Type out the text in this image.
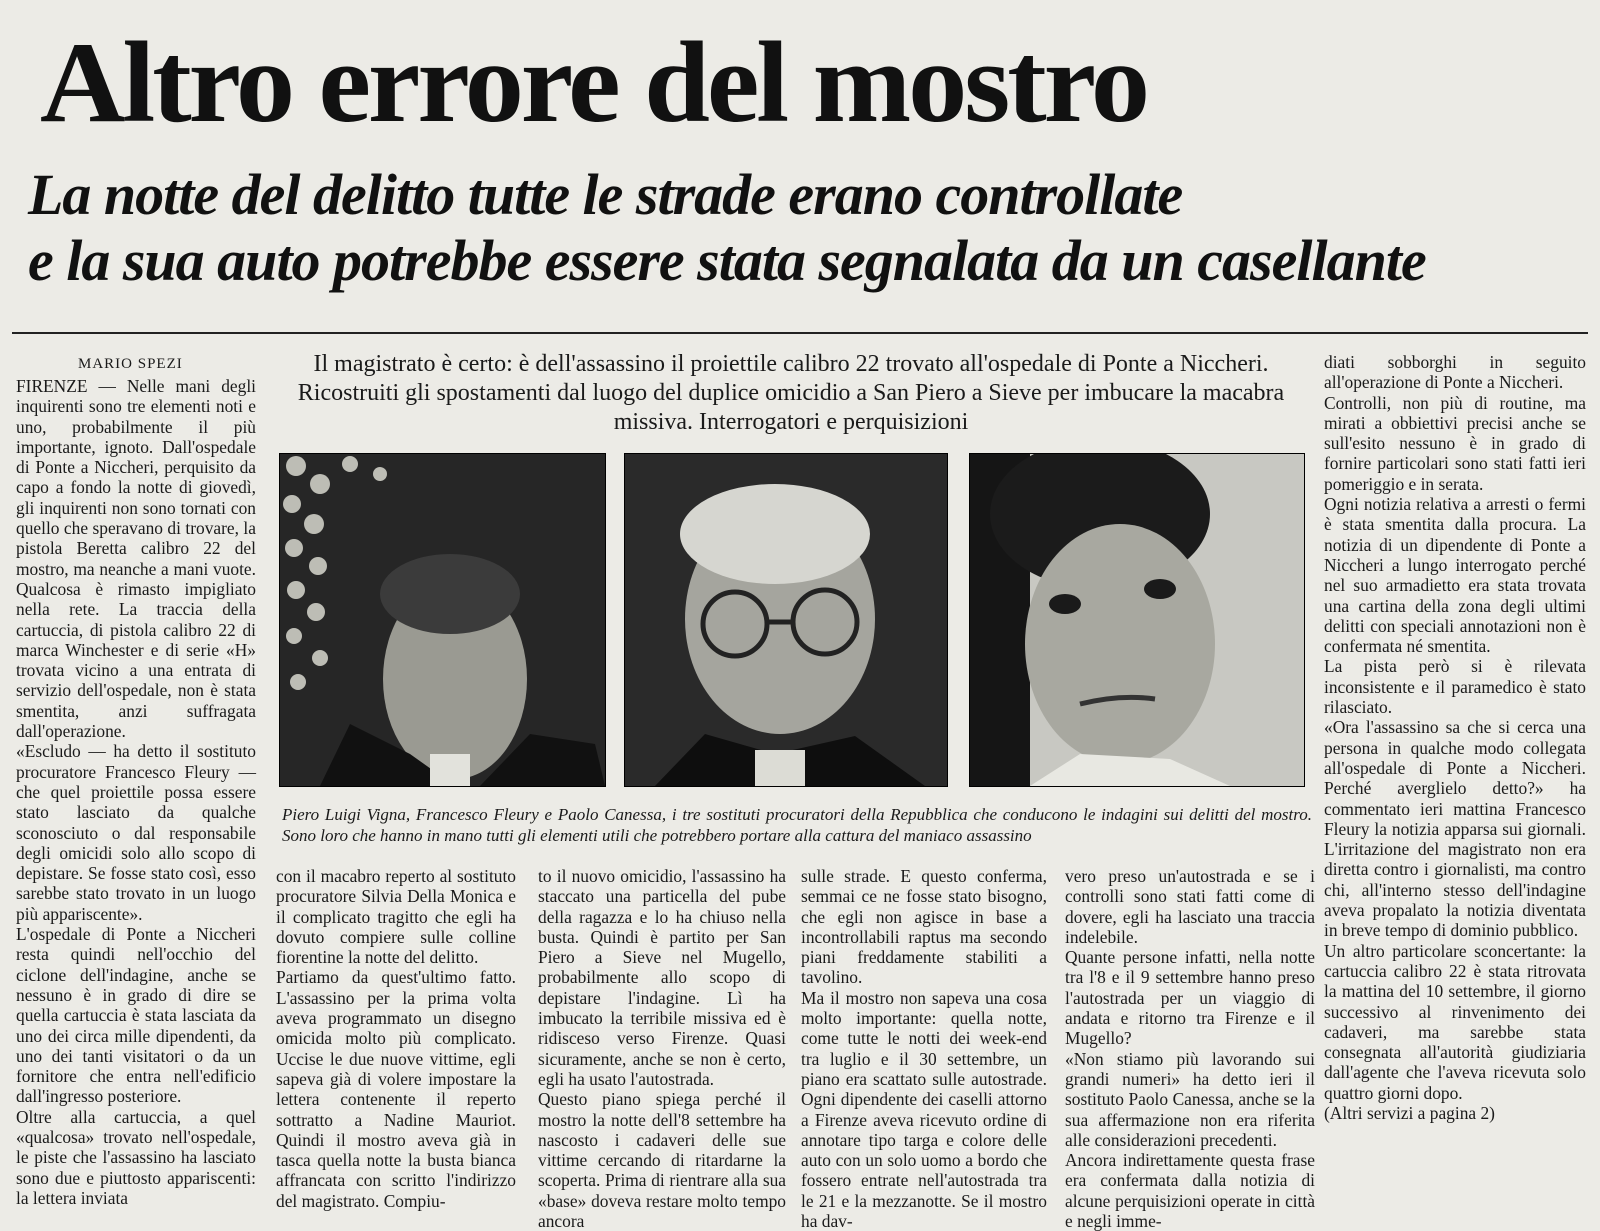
Altro errore del mostro
La notte del delitto tutte le strade erano controllate
e la sua auto potrebbe essere stata segnalata da un casellante
MARIO SPEZI

FIRENZE — Nelle mani degli inquirenti sono tre elementi noti e uno, probabilmente il più importante, ignoto. Dall'ospedale di Ponte a Niccheri, perquisito da capo a fondo la notte di giovedì, gli inquirenti non sono tornati con quello che speravano di trovare, la pistola Beretta calibro 22 del mostro, ma neanche a mani vuote. Qualcosa è rimasto impigliato nella rete. La traccia della cartuccia, di pistola calibro 22 di marca Winchester e di serie «H» trovata vicino a una entrata di servizio dell'ospedale, non è stata smentita, anzi suffragata dall'operazione.

«Escludo — ha detto il sostituto procuratore Francesco Fleury — che quel proiettile possa essere stato lasciato da qualche sconosciuto o dal responsabile degli omicidi solo allo scopo di depistare. Se fosse stato così, esso sarebbe stato trovato in un luogo più appariscente».

L'ospedale di Ponte a Niccheri resta quindi nell'occhio del ciclone dell'indagine, anche se nessuno è in grado di dire se quella cartuccia è stata lasciata da uno dei circa mille dipendenti, da uno dei tanti visitatori o da un fornitore che entra nell'edificio dall'ingresso posteriore.

Oltre alla cartuccia, a quel «qualcosa» trovato nell'ospedale, le piste che l'assassino ha lasciato sono due e piuttosto appariscenti: la lettera inviata

Il magistrato è certo: è dell'assassino il proiettile calibro 22 trovato all'ospedale di Ponte a Niccheri. Ricostruiti gli spostamenti dal luogo del duplice omicidio a San Piero a Sieve per imbucare la macabra missiva. Interrogatori e perquisizioni
Piero Luigi Vigna, Francesco Fleury e Paolo Canessa, i tre sostituti procuratori della Repubblica che conducono le indagini sui delitti del mostro. Sono loro che hanno in mano tutti gli elementi utili che potrebbero portare alla cattura del maniaco assassino

con il macabro reperto al sostituto procuratore Silvia Della Monica e il complicato tragitto che egli ha dovuto compiere sulle colline fiorentine la notte del delitto.

Partiamo da quest'ultimo fatto. L'assassino per la prima volta aveva programmato un disegno omicida molto più complicato. Uccise le due nuove vittime, egli sapeva già di volere impostare la lettera contenente il reperto sottratto a Nadine Mauriot. Quindi il mostro aveva già in tasca quella notte la busta bianca affrancata con scritto l'indirizzo del magistrato. Compiu-

to il nuovo omicidio, l'assassino ha staccato una particella del pube della ragazza e lo ha chiuso nella busta. Quindi è partito per San Piero a Sieve nel Mugello, probabilmente allo scopo di depistare l'indagine. Lì ha imbucato la terribile missiva ed è ridisceso verso Firenze. Quasi sicuramente, anche se non è certo, egli ha usato l'autostrada.

Questo piano spiega perché il mostro la notte dell'8 settembre ha nascosto i cadaveri delle sue vittime cercando di ritardarne la scoperta. Prima di rientrare alla sua «base» doveva restare molto tempo ancora

sulle strade. E questo conferma, semmai ce ne fosse stato bisogno, che egli non agisce in base a incontrollabili raptus ma secondo piani freddamente stabiliti a tavolino.

Ma il mostro non sapeva una cosa molto importante: quella notte, come tutte le notti dei week-end tra luglio e il 30 settembre, un piano era scattato sulle autostrade. Ogni dipendente dei caselli attorno a Firenze aveva ricevuto ordine di annotare tipo targa e colore delle auto con un solo uomo a bordo che fossero entrate nell'autostrada tra le 21 e la mezzanotte. Se il mostro ha dav-

vero preso un'autostrada e se i controlli sono stati fatti come di dovere, egli ha lasciato una traccia indelebile.

Quante persone infatti, nella notte tra l'8 e il 9 settembre hanno preso l'autostrada per un viaggio di andata e ritorno tra Firenze e il Mugello?

«Non stiamo più lavorando sui grandi numeri» ha detto ieri il sostituto Paolo Canessa, anche se la sua affermazione non era riferita alle considerazioni precedenti.

Ancora indirettamente questa frase era confermata dalla notizia di alcune perquisizioni operate in città e negli imme-

diati sobborghi in seguito all'operazione di Ponte a Niccheri.

Controlli, non più di routine, ma mirati a obbiettivi precisi anche se sull'esito nessuno è in grado di fornire particolari sono stati fatti ieri pomeriggio e in serata.

Ogni notizia relativa a arresti o fermi è stata smentita dalla procura. La notizia di un dipendente di Ponte a Niccheri a lungo interrogato perché nel suo armadietto era stata trovata una cartina della zona degli ultimi delitti con speciali annotazioni non è confermata né smentita.

La pista però si è rilevata inconsistente e il paramedico è stato rilasciato.

«Ora l'assassino sa che si cerca una persona in qualche modo collegata all'ospedale di Ponte a Niccheri. Perché averglielo detto?» ha commentato ieri mattina Francesco Fleury la notizia apparsa sui giornali. L'irritazione del magistrato non era diretta contro i giornalisti, ma contro chi, all'interno stesso dell'indagine aveva propalato la notizia diventata in breve tempo di dominio pubblico.

Un altro particolare sconcertante: la cartuccia calibro 22 è stata ritrovata la mattina del 10 settembre, il giorno successivo al rinvenimento dei cadaveri, ma sarebbe stata consegnata all'autorità giudiziaria dall'agente che l'aveva ricevuta solo quattro giorni dopo.

(Altri servizi a pagina 2)
